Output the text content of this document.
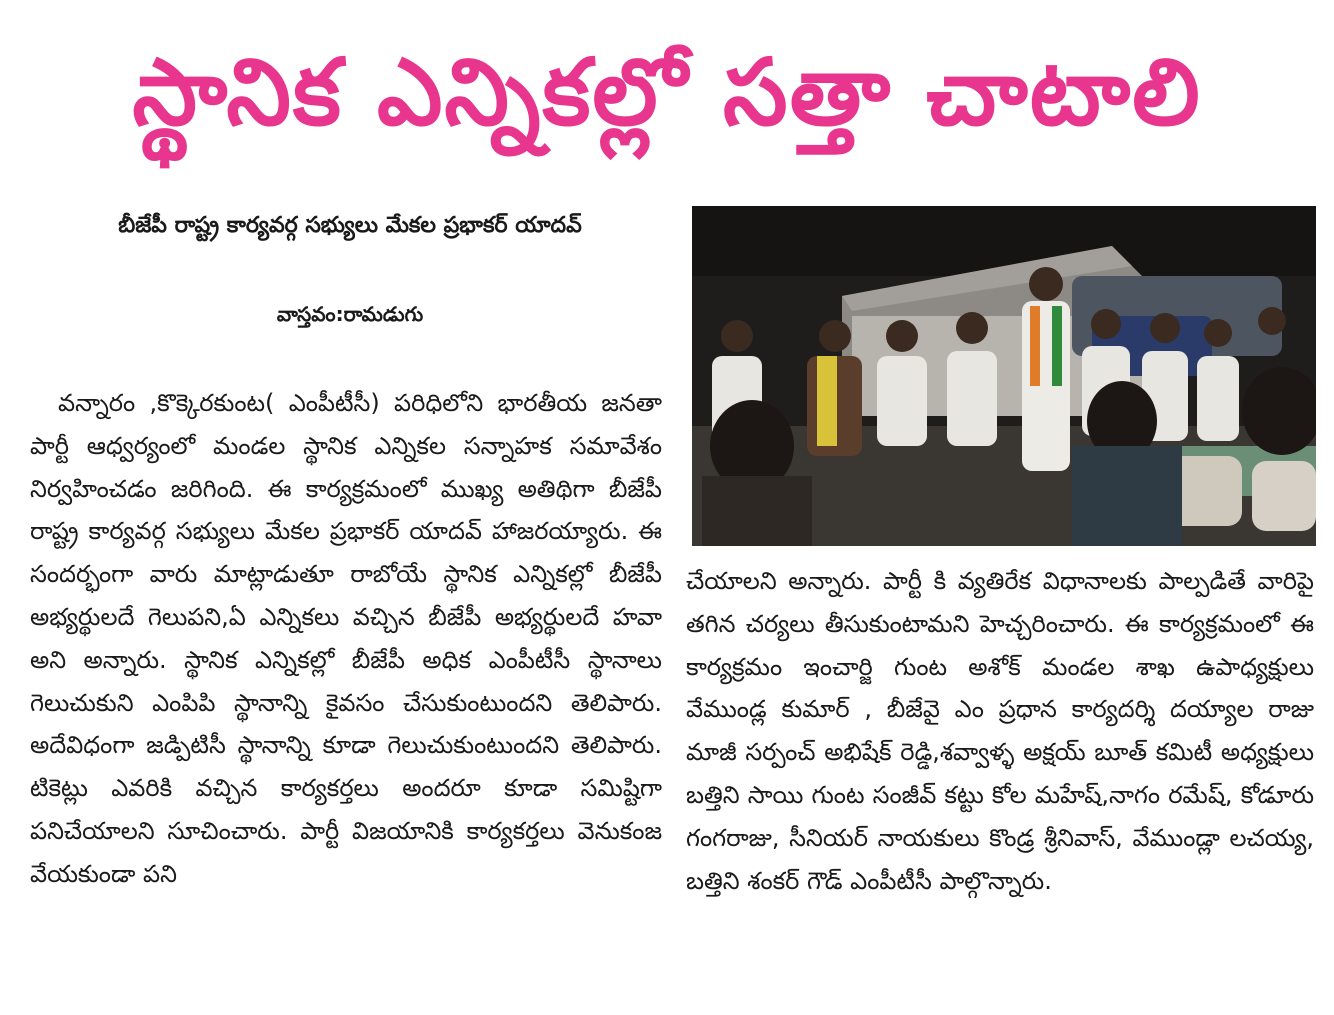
స్థానిక ఎన్నికల్లో సత్తా చాటాలి
బీజేపీ రాష్ట్ర కార్యవర్గ సభ్యులు మేకల ప్రభాకర్ యాదవ్
వాస్తవం:రామడుగు

వన్నారం ,కొక్కెరకుంట( ఎంపీటీసీ) పరిధిలోని భారతీయ జనతా పార్టీ ఆధ్వర్యంలో మండల స్థానిక ఎన్నికల సన్నాహక సమావేశం నిర్వహించడం జరిగింది. ఈ కార్యక్రమంలో ముఖ్య అతిథిగా బీజేపీ రాష్ట్ర కార్యవర్గ సభ్యులు మేకల ప్రభాకర్ యాదవ్ హాజరయ్యారు. ఈ సందర్భంగా వారు మాట్లాడుతూ రాబోయే స్థానిక ఎన్నికల్లో బీజేపీ అభ్యర్థులదే గెలుపని,ఏ ఎన్నికలు వచ్చిన బీజేపీ అభ్యర్థులదే హవా అని అన్నారు. స్థానిక ఎన్నికల్లో బీజేపీ అధిక ఎంపీటీసీ స్థానాలు గెలుచుకుని ఎంపిపి స్థానాన్ని కైవసం చేసుకుంటుందని తెలిపారు. అదేవిధంగా జడ్పిటిసీ స్థానాన్ని కూడా గెలుచుకుంటుందని తెలిపారు. టికెట్లు ఎవరికి వచ్చిన కార్యకర్తలు అందరూ కూడా సమిష్టిగా పనిచేయాలని సూచించారు. పార్టీ విజయానికి కార్యకర్తలు వెనుకంజ వేయకుండా పని

చేయాలని అన్నారు. పార్టీ కి వ్యతిరేక విధానాలకు పాల్పడితే వారిపై తగిన చర్యలు తీసుకుంటామని హెచ్చరించారు. ఈ కార్యక్రమంలో ఈ కార్యక్రమం ఇంచార్జి గుంట అశోక్ మండల శాఖ ఉపాధ్యక్షులు వేముండ్ల కుమార్ , బీజేవై ఎం ప్రధాన కార్యదర్శి దయ్యాల రాజు మాజీ సర్పంచ్ అభిషేక్ రెడ్డి,శవ్వాళ్ళ అక్షయ్ బూత్ కమిటీ అధ్యక్షులు బత్తిని సాయి గుంట సంజీవ్ కట్టు కోల మహేష్,నాగం రమేష్, కోడూరు గంగరాజు, సీనియర్ నాయకులు కొండ్ర శ్రీనివాస్, వేముండ్లా లచయ్య, బత్తిని శంకర్ గౌడ్ ఎంపీటీసీ పాల్గొన్నారు.
